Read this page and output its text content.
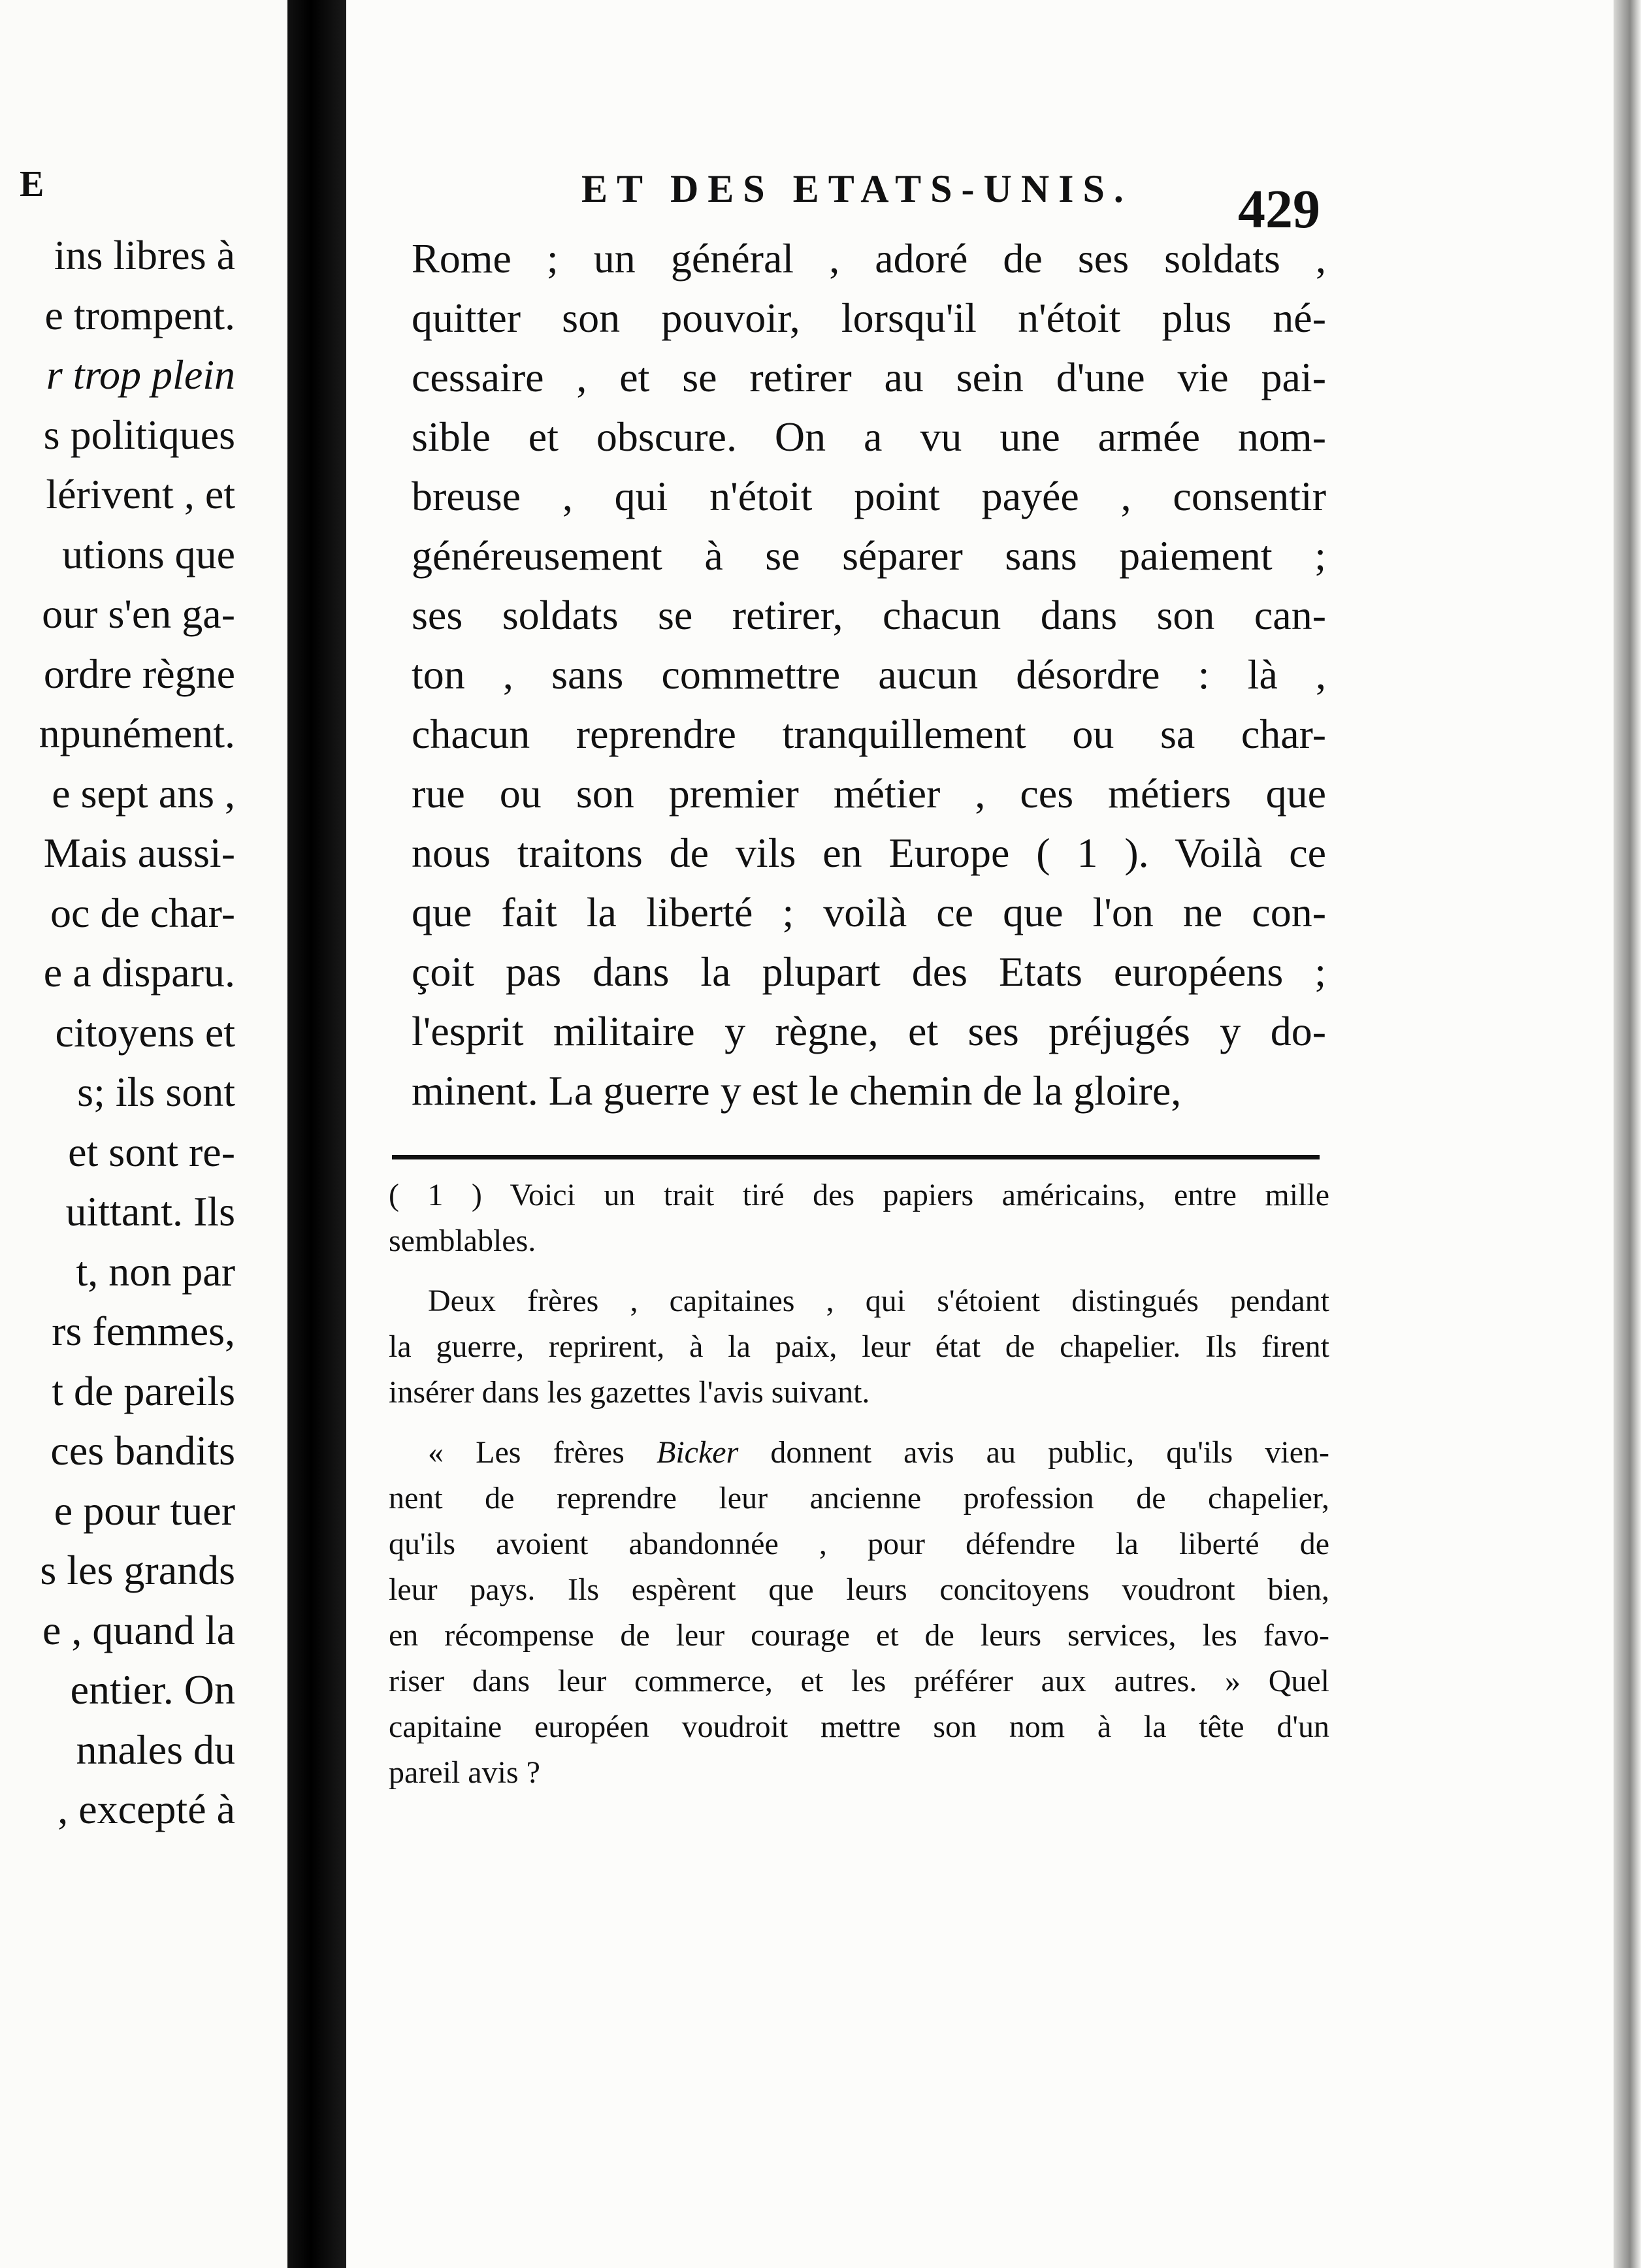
E
ins libres à
e trompent.
r trop plein
s politiques
lérivent , et
utions que
our s'en ga-
ordre règne
npunément.
e sept ans ,
Mais aussi-
oc de char-
e a disparu.
citoyens et
s; ils sont
et sont re-
uittant. Ils
t, non par
rs femmes,
t de pareils
ces bandits
e pour tuer
s les grands
e , quand la
entier. On
nnales du
, excepté à
ET DES ETATS-UNIS.	429
Rome ; un général , adoré de ses soldats ,
quitter son pouvoir, lorsqu'il n'étoit plus né-
cessaire , et se retirer au sein d'une vie pai-
sible et obscure. On a vu une armée nom-
breuse , qui n'étoit point payée , consentir
généreusement à se séparer sans paiement ;
ses soldats se retirer, chacun dans son can-
ton , sans commettre aucun désordre : là ,
chacun reprendre tranquillement ou sa char-
rue ou son premier métier , ces métiers que
nous traitons de vils en Europe ( 1 ). Voilà ce
que fait la liberté ; voilà ce que l'on ne con-
çoit pas dans la plupart des Etats européens ;
l'esprit militaire y règne, et ses préjugés y do-
minent. La guerre y est le chemin de la gloire,
( 1 ) Voici un trait tiré des papiers américains, entre mille
semblables.
Deux frères , capitaines , qui s'étoient distingués pendant
la guerre, reprirent, à la paix, leur état de chapelier. Ils firent
insérer dans les gazettes l'avis suivant.
« Les frères Bicker donnent avis au public, qu'ils vien-
nent de reprendre leur ancienne profession de chapelier,
qu'ils avoient abandonnée , pour défendre la liberté de
leur pays. Ils espèrent que leurs concitoyens voudront bien,
en récompense de leur courage et de leurs services, les favo-
riser dans leur commerce, et les préférer aux autres. » Quel
capitaine européen voudroit mettre son nom à la tête d'un
pareil avis ?
